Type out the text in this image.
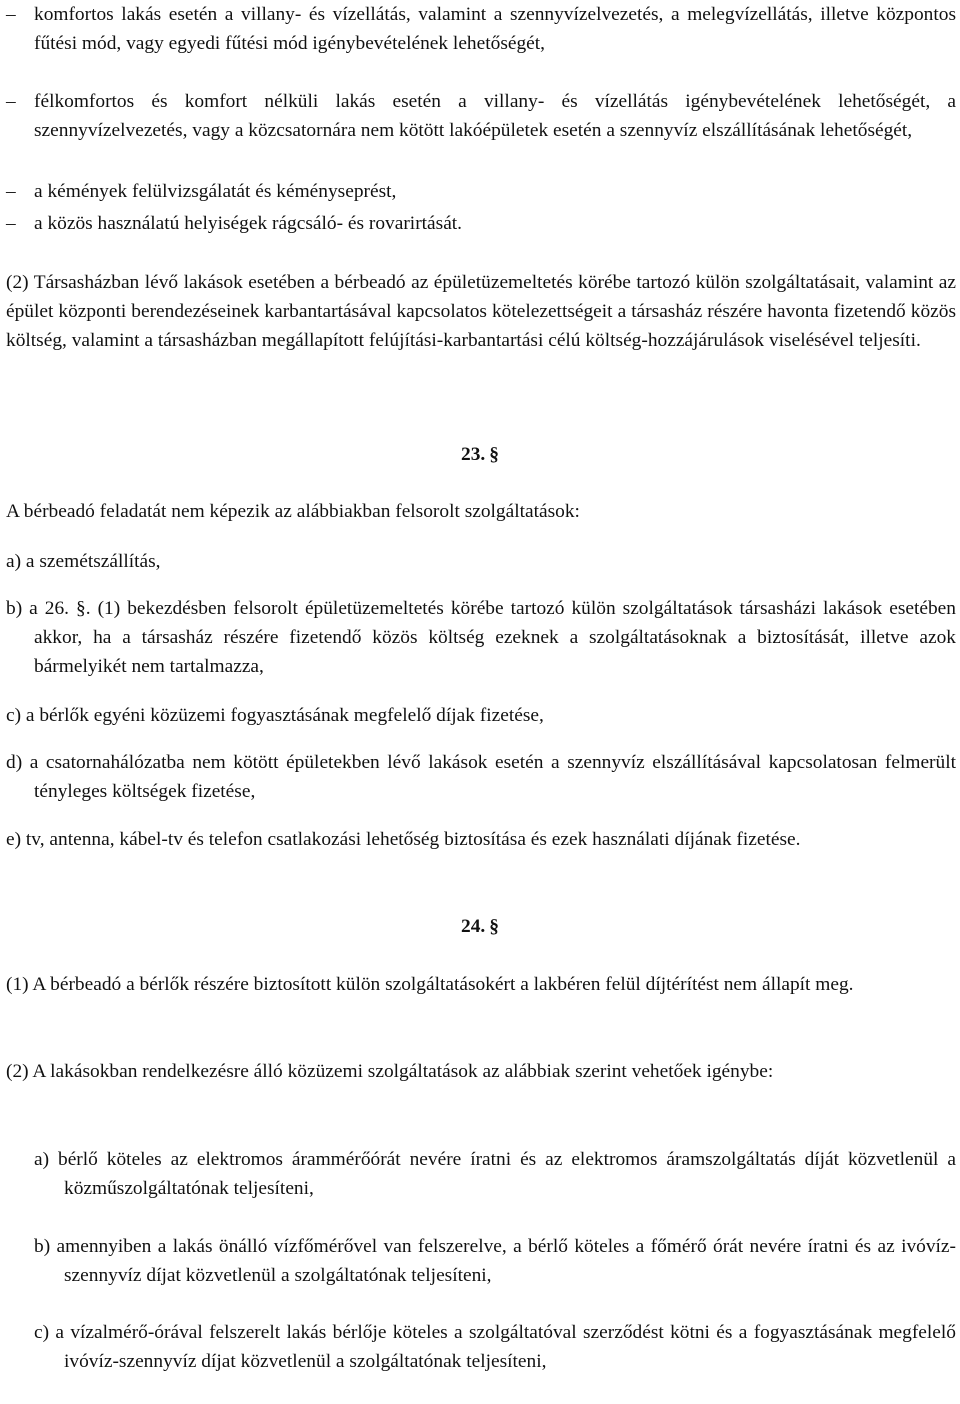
– komfortos lakás esetén a villany- és vízellátás, valamint a szennyvízelvezetés, a melegvízellátás, illetve központos fűtési mód, vagy egyedi fűtési mód igénybevételének lehetőségét,
– félkomfortos és komfort nélküli lakás esetén a villany- és vízellátás igénybevételének lehetőségét, a szennyvízelvezetés, vagy a közcsatornára nem kötött lakóépületek esetén a szennyvíz elszállításának lehetőségét,
– a kémények felülvizsgálatát és kéményseprést,
– a közös használatú helyiségek rágcsáló- és rovarirtását.
(2) Társasházban lévő lakások esetében a bérbeadó az épületüzemeltetés körébe tartozó külön szolgáltatásait, valamint az épület központi berendezéseinek karbantartásával kapcsolatos kötelezettségeit a társasház részére havonta fizetendő közös költség, valamint a társasházban megállapított felújítási-karbantartási célú költség-hozzájárulások viselésével teljesíti.
23. §
A bérbeadó feladatát nem képezik az alábbiakban felsorolt szolgáltatások:
a) a szemétszállítás,
b) a 26. §. (1) bekezdésben felsorolt épületüzemeltetés körébe tartozó külön szolgáltatások társasházi lakások esetében akkor, ha a társasház részére fizetendő közös költség ezeknek a szolgáltatásoknak a biztosítását, illetve azok bármelyikét nem tartalmazza,
c) a bérlők egyéni közüzemi fogyasztásának megfelelő díjak fizetése,
d) a csatornahálózatba nem kötött épületekben lévő lakások esetén a szennyvíz elszállításával kapcsolatosan felmerült tényleges költségek fizetése,
e) tv, antenna, kábel-tv és telefon csatlakozási lehetőség biztosítása és ezek használati díjának fizetése.
24. §
(1) A bérbeadó a bérlők részére biztosított külön szolgáltatásokért a lakbéren felül díjtérítést nem állapít meg.
(2) A lakásokban rendelkezésre álló közüzemi szolgáltatások az alábbiak szerint vehetőek igénybe:
a) bérlő köteles az elektromos árammérőórát nevére íratni és az elektromos áramszolgáltatás díját közvetlenül a közműszolgáltatónak teljesíteni,
b) amennyiben a lakás önálló vízfőmérővel van felszerelve, a bérlő köteles a főmérő órát nevére íratni és az ivóvíz- szennyvíz díjat közvetlenül a szolgáltatónak teljesíteni,
c) a vízalmérő-órával felszerelt lakás bérlője köteles a szolgáltatóval szerződést kötni és a fogyasztásának megfelelő ivóvíz-szennyvíz díjat közvetlenül a szolgáltatónak teljesíteni,
